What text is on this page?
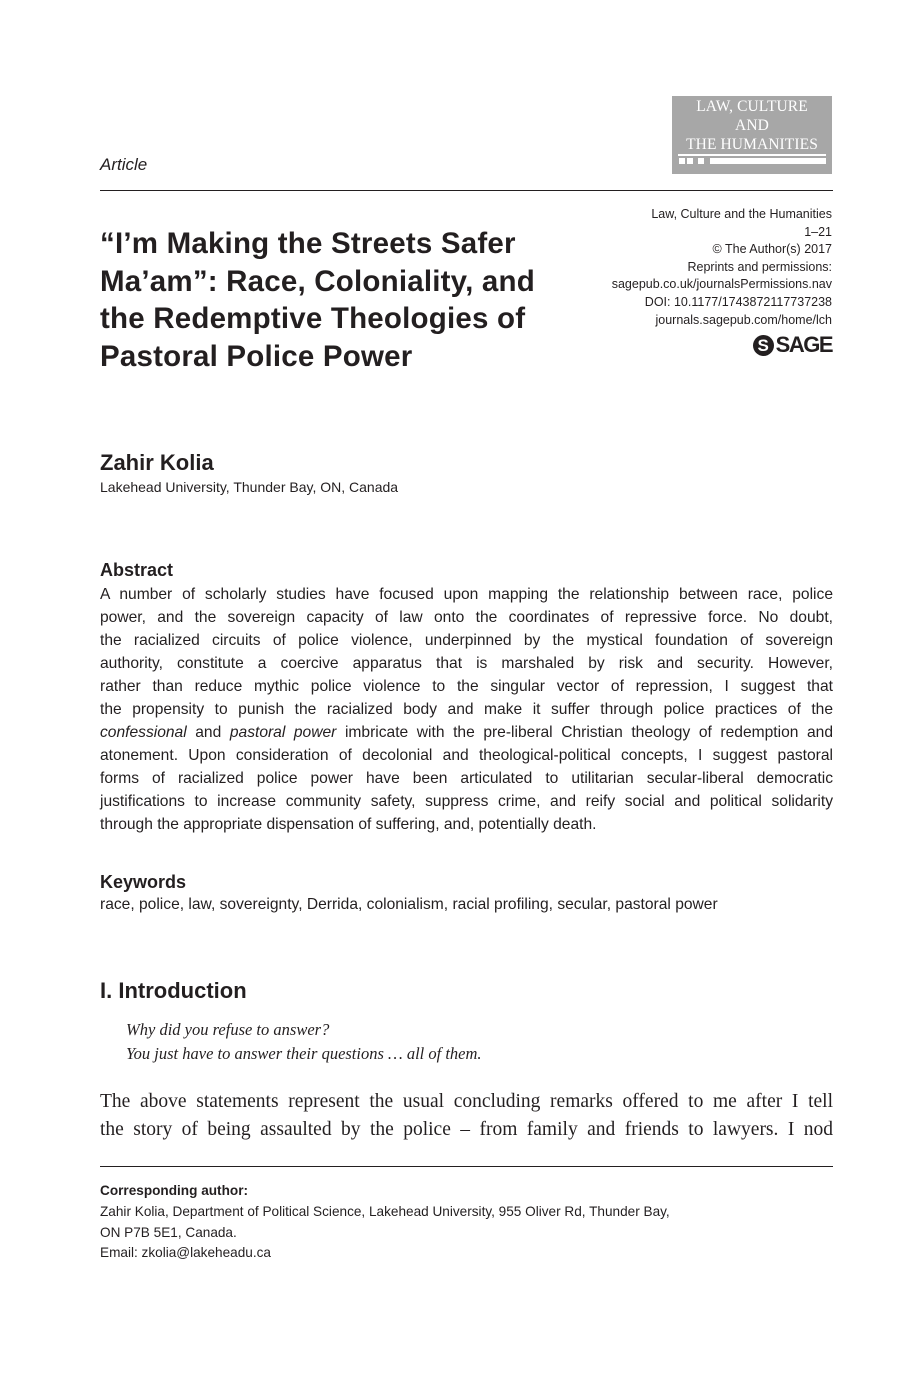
LAW, CULTURE
AND
THE HUMANITIES
Article
“I’m Making the Streets Safer
Ma’am”: Race, Coloniality, and
the Redemptive Theologies of
Pastoral Police Power
Law, Culture and the Humanities
1–21
© The Author(s) 2017
Reprints and permissions:
sagepub.co.uk/journalsPermissions.nav
DOI: 10.1177/1743872117737238
journals.sagepub.com/home/lch
S SAGE
Zahir Kolia
Lakehead University, Thunder Bay, ON, Canada
Abstract
A number of scholarly studies have focused upon mapping the relationship between race, police
power, and the sovereign capacity of law onto the coordinates of repressive force. No doubt,
the racialized circuits of police violence, underpinned by the mystical foundation of sovereign
authority, constitute a coercive apparatus that is marshaled by risk and security. However,
rather than reduce mythic police violence to the singular vector of repression, I suggest that
the propensity to punish the racialized body and make it suffer through police practices of the
confessional and pastoral power imbricate with the pre-liberal Christian theology of redemption and
atonement. Upon consideration of decolonial and theological-political concepts, I suggest pastoral
forms of racialized police power have been articulated to utilitarian secular-liberal democratic
justifications to increase community safety, suppress crime, and reify social and political solidarity
through the appropriate dispensation of suffering, and, potentially death.
Keywords
race, police, law, sovereignty, Derrida, colonialism, racial profiling, secular, pastoral power
I. Introduction
Why did you refuse to answer?
You just have to answer their questions … all of them.
The above statements represent the usual concluding remarks offered to me after I tell
the story of being assaulted by the police – from family and friends to lawyers. I nod
Corresponding author:
Zahir Kolia, Department of Political Science, Lakehead University, 955 Oliver Rd, Thunder Bay,
ON P7B 5E1, Canada.
Email: zkolia@lakeheadu.ca
